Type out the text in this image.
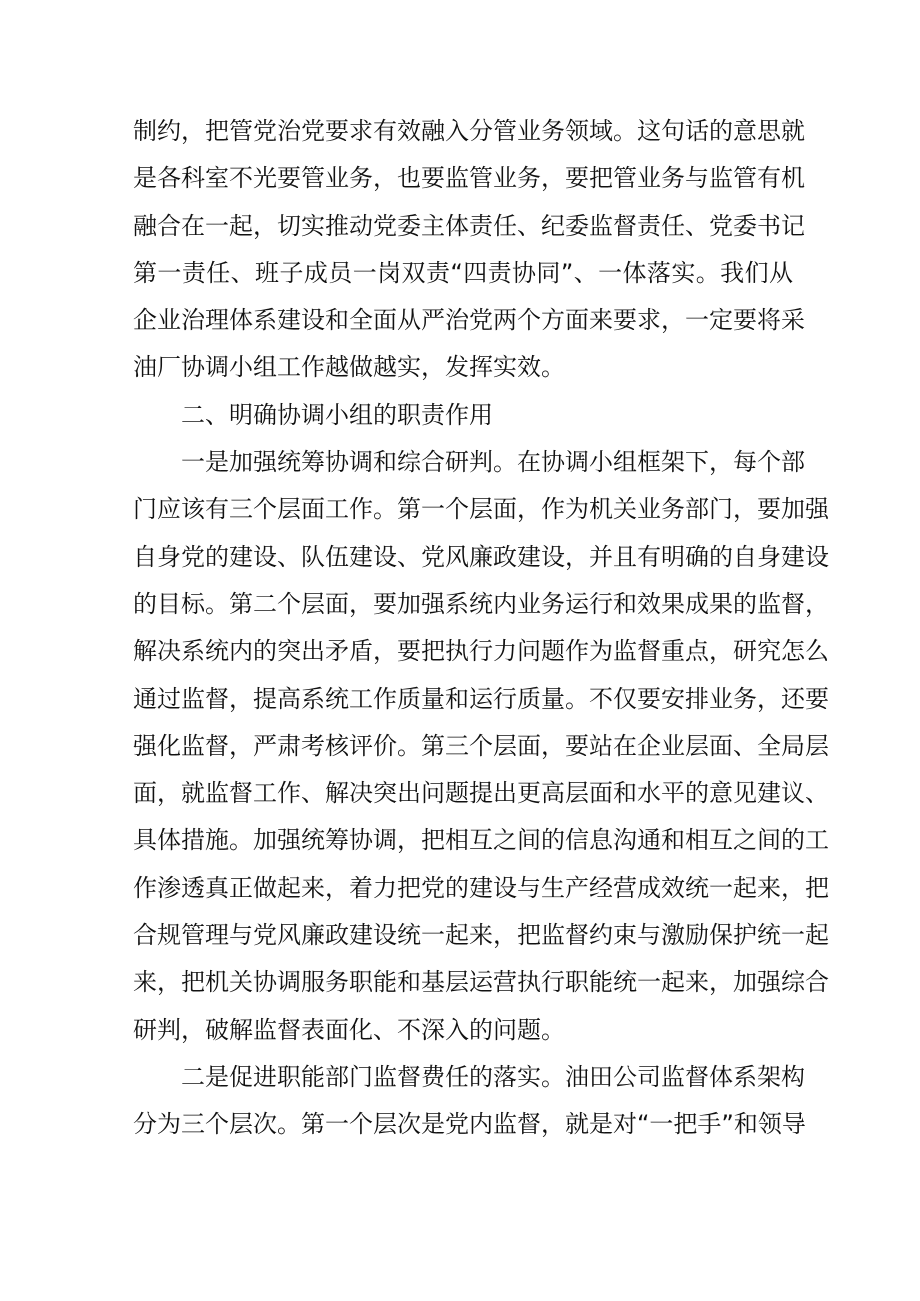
制约，把管党治党要求有效融入分管业务领域。这句话的意思就
是各科室不光要管业务，也要监管业务，要把管业务与监管有机
融合在一起，切实推动党委主体责任、纪委监督责任、党委书记
第一责任、班子成员一岗双责“四责协同”、一体落实。我们从
企业治理体系建设和全面从严治党两个方面来要求，一定要将采
油厂协调小组工作越做越实，发挥实效。
二、明确协调小组的职责作用
一是加强统筹协调和综合研判。在协调小组框架下，每个部
门应该有三个层面工作。第一个层面，作为机关业务部门，要加强
自身党的建设、队伍建设、党风廉政建设，并且有明确的自身建设
的目标。第二个层面，要加强系统内业务运行和效果成果的监督，
解决系统内的突出矛盾，要把执行力问题作为监督重点，研究怎么
通过监督，提高系统工作质量和运行质量。不仅要安排业务，还要
强化监督，严肃考核评价。第三个层面，要站在企业层面、全局层
面，就监督工作、解决突出问题提出更高层面和水平的意见建议、
具体措施。加强统筹协调，把相互之间的信息沟通和相互之间的工
作渗透真正做起来，着力把党的建设与生产经营成效统一起来，把
合规管理与党风廉政建设统一起来，把监督约束与激励保护统一起
来，把机关协调服务职能和基层运营执行职能统一起来，加强综合
研判，破解监督表面化、不深入的问题。
二是促进职能部门监督费任的落实。油田公司监督体系架构
分为三个层次。第一个层次是党内监督，就是对“一把手”和领导
